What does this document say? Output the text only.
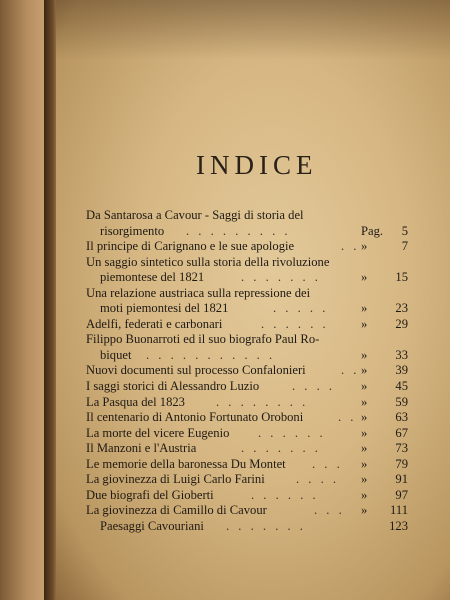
INDICE
Da Santarosa a Cavour - Saggi di storia del
risorgimento . . . . . . . . .	Pag. 5
Il principe di Carignano e le sue apologie	. . »	7
Un saggio sintetico sulla storia della rivoluzione
piemontese del 1821	. . . . . . .	» 15
Una relazione austriaca sulla repressione dei
moti piemontesi del 1821	. . . . .	» 23
Adelfi, federati e carbonari	. . . . . .	» 29
Filippo Buonarroti ed il suo biografo Paul Ro-
biquet . . . . . . . . . . .	» 33
Nuovi documenti sul processo Confalonieri	. . » 39
I saggi storici di Alessandro Luzio	. . . . » 45
La Pasqua del 1823 . . . . . . . .	» 59
Il centenario di Antonio Fortunato Oroboni	. . » 63
La morte del vicere Eugenio . . . . . .	» 67
Il Manzoni e l'Austria	. . . . . . .	» 73
Le memorie della baronessa Du Montet . . . » 79
La giovinezza di Luigi Carlo Farini . . . . » 91
Due biografi del Gioberti	. . . . . .	» 97
La giovinezza di Camillo di Cavour	. . . » 111
Paesaggi Cavouriani . . . . . . .	123
